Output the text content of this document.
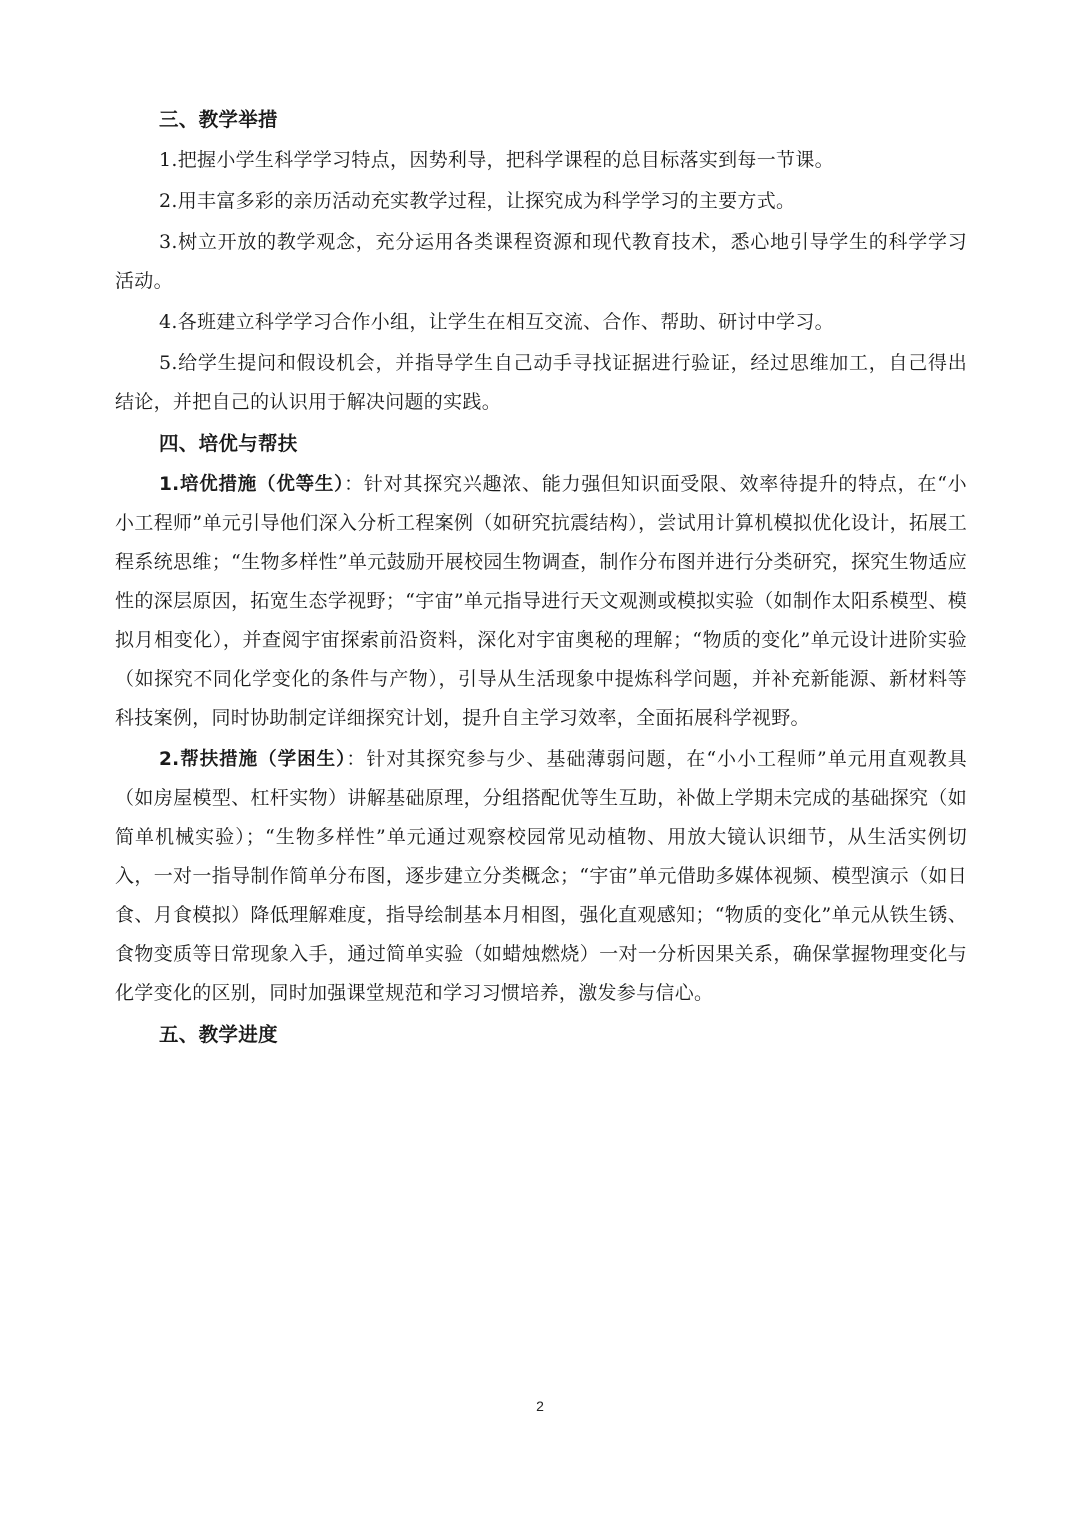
三、教学举措

1.把握小学生科学学习特点，因势利导，把科学课程的总目标落实到每一节课。

2.用丰富多彩的亲历活动充实教学过程，让探究成为科学学习的主要方式。

3.树立开放的教学观念，充分运用各类课程资源和现代教育技术，悉心地引导学生的科学学习活动。

4.各班建立科学学习合作小组，让学生在相互交流、合作、帮助、研讨中学习。

5.给学生提问和假设机会，并指导学生自己动手寻找证据进行验证，经过思维加工，自己得出结论，并把自己的认识用于解决问题的实践。

四、培优与帮扶

1.培优措施（优等生）：针对其探究兴趣浓、能力强但知识面受限、效率待提升的特点，在“小小工程师”单元引导他们深入分析工程案例（如研究抗震结构），尝试用计算机模拟优化设计，拓展工程系统思维；“生物多样性”单元鼓励开展校园生物调查，制作分布图并进行分类研究，探究生物适应性的深层原因，拓宽生态学视野；“宇宙”单元指导进行天文观测或模拟实验（如制作太阳系模型、模拟月相变化），并查阅宇宙探索前沿资料，深化对宇宙奥秘的理解；“物质的变化”单元设计进阶实验（如探究不同化学变化的条件与产物），引导从生活现象中提炼科学问题，并补充新能源、新材料等科技案例，同时协助制定详细探究计划，提升自主学习效率，全面拓展科学视野。

2.帮扶措施（学困生）：针对其探究参与少、基础薄弱问题，在“小小工程师”单元用直观教具（如房屋模型、杠杆实物）讲解基础原理，分组搭配优等生互助，补做上学期未完成的基础探究（如简单机械实验）；“生物多样性”单元通过观察校园常见动植物、用放大镜认识细节，从生活实例切入，一对一指导制作简单分布图，逐步建立分类概念；“宇宙”单元借助多媒体视频、模型演示（如日食、月食模拟）降低理解难度，指导绘制基本月相图，强化直观感知；“物质的变化”单元从铁生锈、食物变质等日常现象入手，通过简单实验（如蜡烛燃烧）一对一分析因果关系，确保掌握物理变化与化学变化的区别，同时加强课堂规范和学习习惯培养，激发参与信心。

五、教学进度
2
